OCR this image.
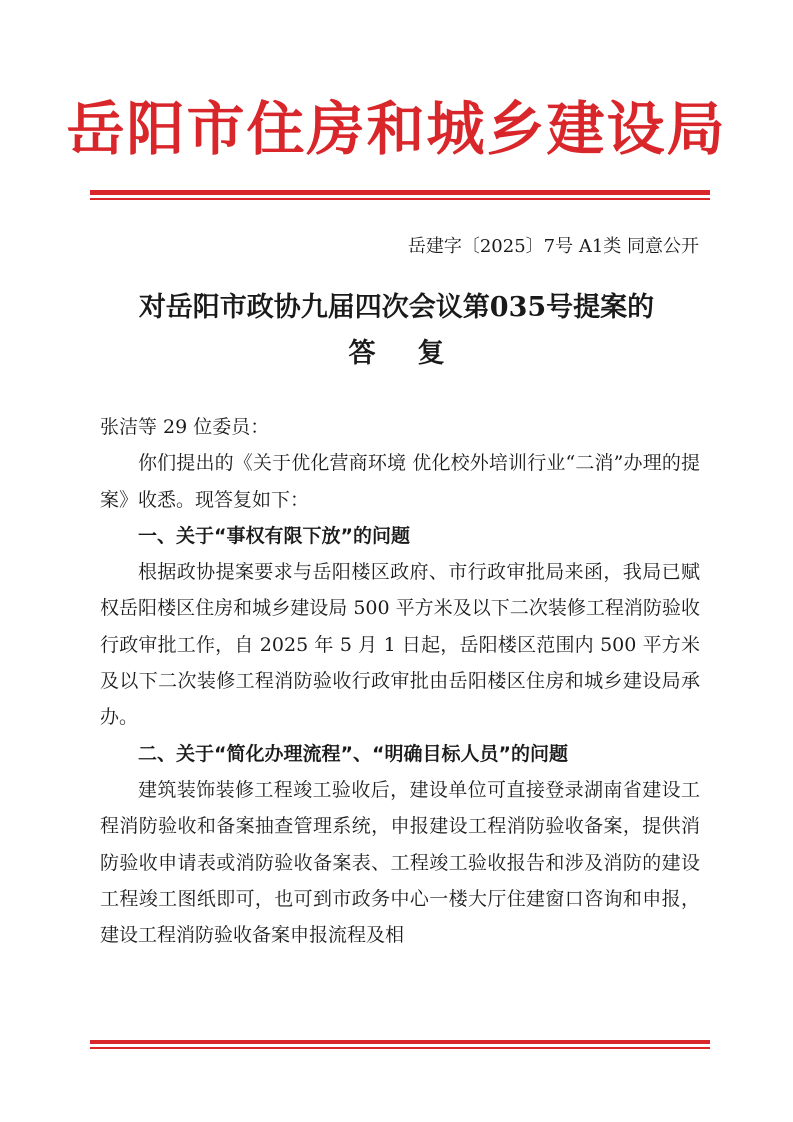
岳阳市住房和城乡建设局
岳建字〔2025〕7号 A1类 同意公开
对岳阳市政协九届四次会议第035号提案的
答复

张洁等 29 位委员：

你们提出的《关于优化营商环境 优化校外培训行业“二消”办理的提案》收悉。现答复如下：

一、关于“事权有限下放”的问题

根据政协提案要求与岳阳楼区政府、市行政审批局来函，我局已赋权岳阳楼区住房和城乡建设局 500 平方米及以下二次装修工程消防验收行政审批工作，自 2025 年 5 月 1 日起，岳阳楼区范围内 500 平方米及以下二次装修工程消防验收行政审批由岳阳楼区住房和城乡建设局承办。

二、关于“简化办理流程”、“明确目标人员”的问题

建筑装饰装修工程竣工验收后，建设单位可直接登录湖南省建设工程消防验收和备案抽查管理系统，申报建设工程消防验收备案，提供消防验收申请表或消防验收备案表、工程竣工验收报告和涉及消防的建设工程竣工图纸即可，也可到市政务中心一楼大厅住建窗口咨询和申报，建设工程消防验收备案申报流程及相
